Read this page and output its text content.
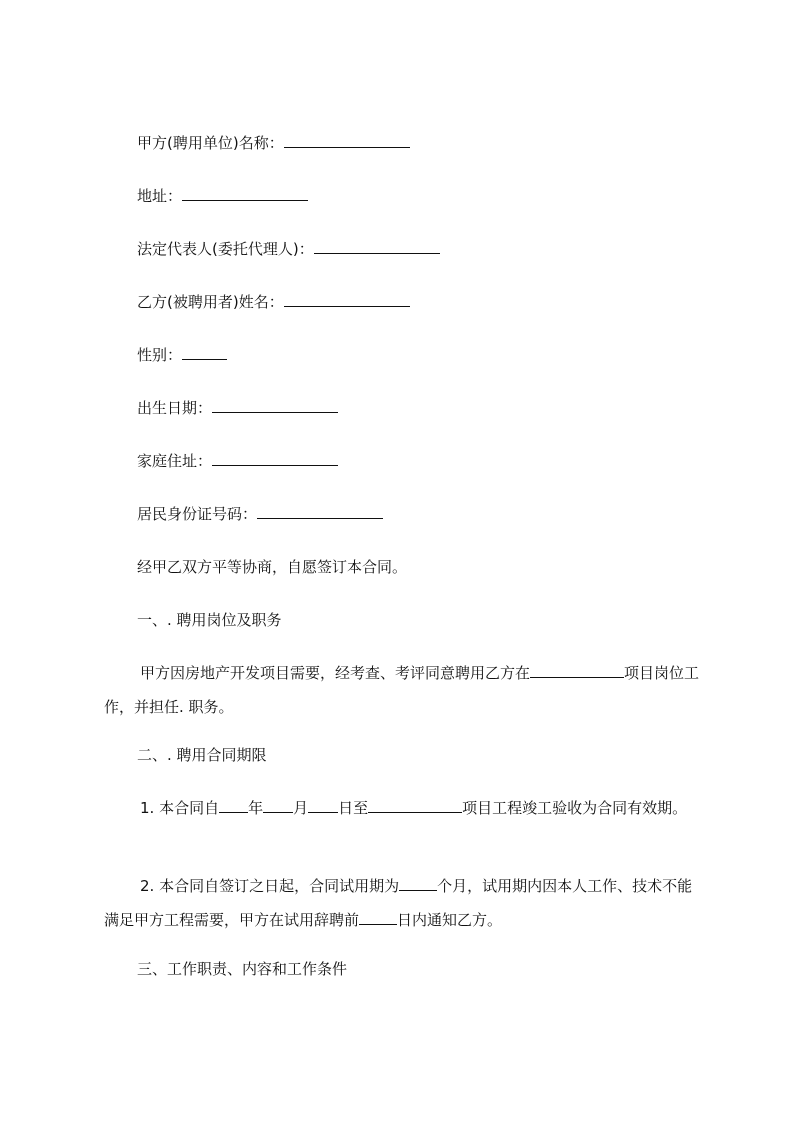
甲方(聘用单位)名称：
地址：
法定代表人(委托代理人)：
乙方(被聘用者)姓名：
性别：
出生日期：
家庭住址：
居民身份证号码：
经甲乙双方平等协商，自愿签订本合同。
一、. 聘用岗位及职务
甲方因房地产开发项目需要，经考查、考评同意聘用乙方在	项目岗位工作，并担任. 职务。
二、. 聘用合同期限
1. 本合同自 年 月 日至	项目工程竣工验收为合同有效期。
2. 本合同自签订之日起，合同试用期为	个月，试用期内因本人工作、技术不能满足甲方工程需要，甲方在试用辞聘前	日内通知乙方。
三、工作职责、内容和工作条件
